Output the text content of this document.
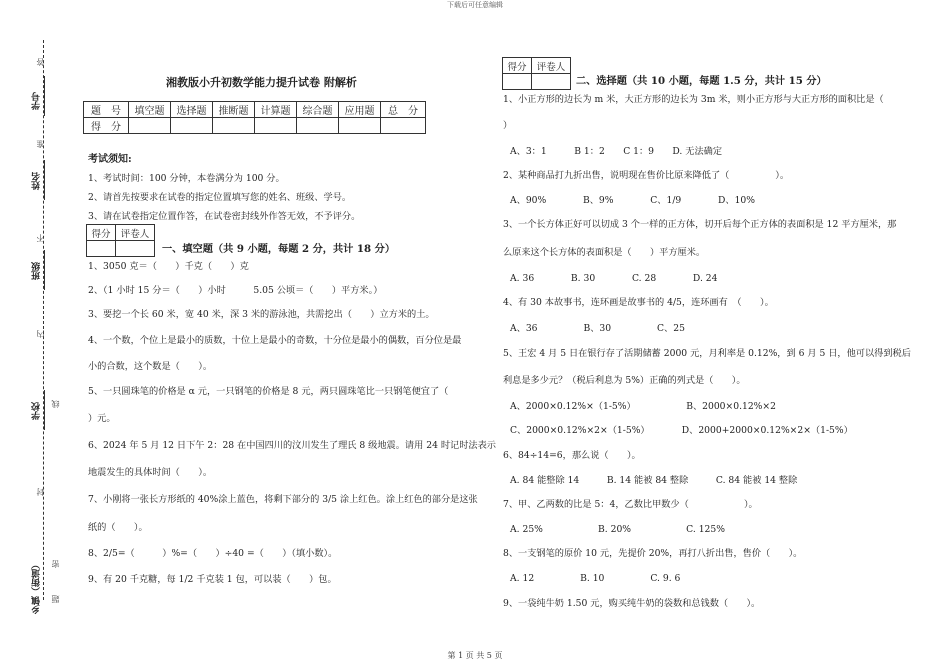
下载后可任意编辑
学号
姓名
班级
学校
乡镇（街道）
答
准
不
内
线
封
密
题
湘教版小升初数学能力提升试卷 附解析
题　号	填空题	选择题	推断题	计算题	综合题	应用题	总　分
得　分							
考试须知:
1、考试时间：100 分钟，本卷满分为 100 分。
2、请首先按要求在试卷的指定位置填写您的姓名、班级、学号。
3、请在试卷指定位置作答，在试卷密封线外作答无效，不予评分。
得分	评卷人

一、填空题（共 9 小题，每题 2 分，共计 18 分）
1、3050 克＝（　　）千克（　　）克
2、（1 小时 15 分＝（　　）小时　　　5.05 公顷＝（　　）平方米。）
3、要挖一个长 60 米，宽 40 米，深 3 米的游泳池，共需挖出（　　）立方米的土。
4、一个数，个位上是最小的质数，十位上是最小的奇数，十分位是最小的偶数，百分位是最
小的合数，这个数是（　　）。
5、一只圆珠笔的价格是 α 元，一只钢笔的价格是 8 元，两只圆珠笔比一只钢笔便宜了（
）元。
6、2024 年 5 月 12 日下午 2：28 在中国四川的汶川发生了理氏 8 级地震。请用 24 时记时法表示
地震发生的具体时间（　　）。
7、小刚将一张长方形纸的 40%涂上蓝色，将剩下部分的 3/5 涂上红色。涂上红色的部分是这张
纸的（　　）。
8、2/5=（　　　）%=（　　）÷40 =（　　）（填小数）。
9、有 20 千克糖，每 1/2 千克装 1 包，可以装（　　）包。
得分	评卷人

二、选择题（共 10 小题，每题 1.5 分，共计 15 分）
1、小正方形的边长为 m 米，大正方形的边长为 3m 米，则小正方形与大正方形的面积比是（
）
A、3：1　　　B 1：2　　C 1：9　　D. 无法确定
2、某种商品打九折出售，说明现在售价比原来降低了（　　　　　）。
A、90%　　　　B、9%　　　　C、1/9　　　　D、10%
3、一个长方体正好可以切成 3 个一样的正方体，切开后每个正方体的表面积是 12 平方厘米，那
么原来这个长方体的表面积是（　　）平方厘米。
A. 36　　　　B. 30　　　　C. 28　　　　D. 24
4、有 30 本故事书，连环画是故事书的 4/5，连环画有　（　　）。
A、36　　　　　B、30　　　　　C、25
5、王宏 4 月 5 日在银行存了活期储蓄 2000 元，月利率是 0.12%，到 6 月 5 日，他可以得到税后
利息是多少元？（税后利息为 5%）正确的列式是（　　）。
A、2000×0.12%×（1-5%）　　　　　　B、2000×0.12%×2
C、2000×0.12%×2×（1-5%）　　　　D、2000+2000×0.12%×2×（1-5%）
6、84÷14=6，那么说（　　）。
A. 84 能整除 14　　　B. 14 能被 84 整除　　　C. 84 能被 14 整除
7、甲、乙两数的比是 5：4，乙数比甲数少（　　　　　　）。
A. 25%　　　　　　B. 20%　　　　　　C. 125%
8、一支钢笔的原价 10 元，先提价 20%，再打八折出售，售价（　　）。
A. 12　　　　　B. 10　　　　　C. 9. 6
9、一袋纯牛奶 1.50 元，购买纯牛奶的袋数和总钱数（　　）。
第 1 页 共 5 页
